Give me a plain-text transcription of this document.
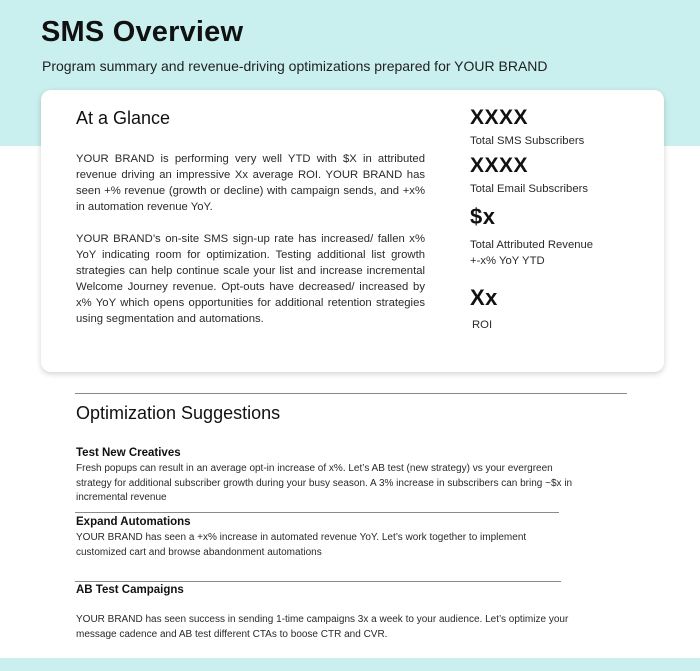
SMS Overview
Program summary and revenue-driving optimizations prepared for YOUR BRAND
At a Glance

YOUR BRAND is performing very well YTD with $X in attributed revenue driving an impressive Xx average ROI. YOUR BRAND has seen +% revenue (growth or decline) with campaign sends, and +x% in automation revenue YoY.

YOUR BRAND’s on-site SMS sign-up rate has increased/ fallen x% YoY indicating room for optimization. Testing additional list growth strategies can help continue scale your list and increase incremental Welcome Journey revenue. Opt-outs have decreased/ increased by x% YoY which opens opportunities for additional retention strategies using segmentation and automations.

XXXX
Total SMS Subscribers
XXXX
Total Email Subscribers
$x
Total Attributed Revenue
+-x% YoY YTD
Xx
ROI
Optimization Suggestions
Test New Creatives

Fresh popups can result in an average opt-in increase of x%. Let’s AB test (new strategy) vs your evergreen strategy for additional subscriber growth during your busy season. A 3% increase in subscribers can bring ~$x in incremental revenue

Expand Automations

YOUR BRAND has seen a +x% increase in automated revenue YoY. Let’s work together to implement customized cart and browse abandonment automations

AB Test Campaigns

YOUR BRAND has seen success in sending 1-time campaigns 3x a week to your audience. Let’s optimize your message cadence and AB test different CTAs to boose CTR and CVR.
